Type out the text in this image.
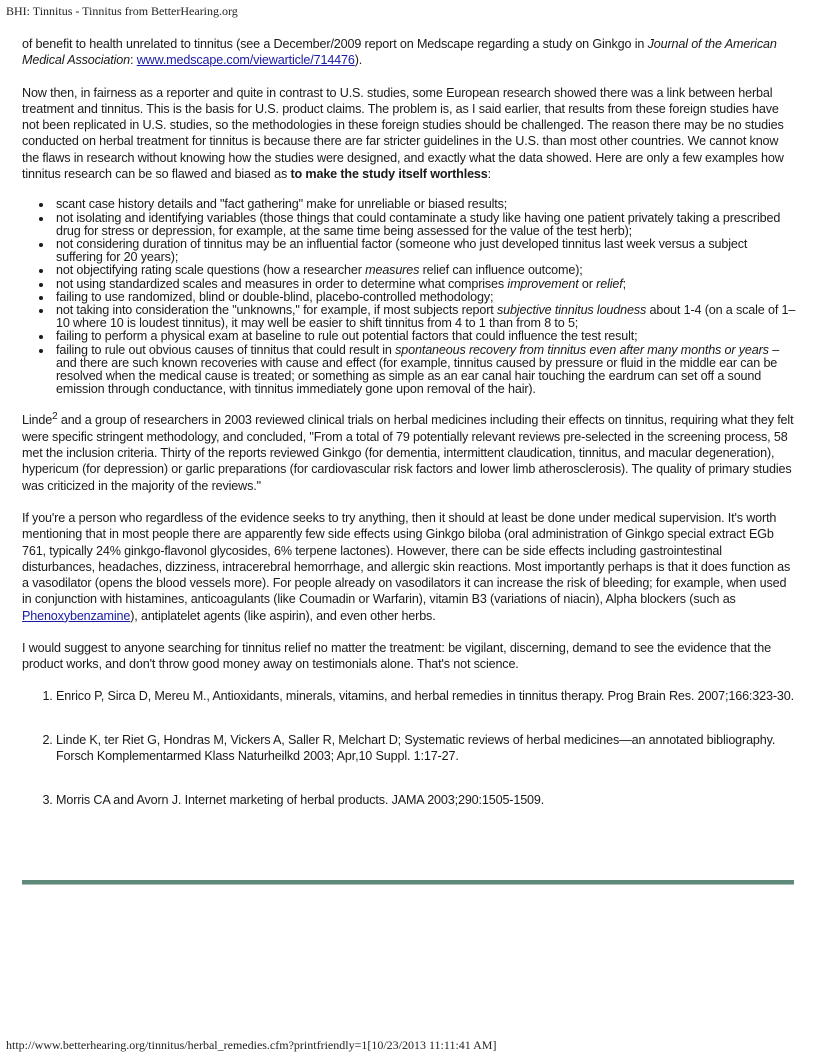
BHI: Tinnitus - Tinnitus from BetterHearing.org

of benefit to health unrelated to tinnitus (see a December/2009 report on Medscape regarding a study on Ginkgo in Journal of the American Medical Association: www.medscape.com/viewarticle/714476).

Now then, in fairness as a reporter and quite in contrast to U.S. studies, some European research showed there was a link between herbal treatment and tinnitus. This is the basis for U.S. product claims. The problem is, as I said earlier, that results from these foreign studies have not been replicated in U.S. studies, so the methodologies in these foreign studies should be challenged. The reason there may be no studies conducted on herbal treatment for tinnitus is because there are far stricter guidelines in the U.S. than most other countries. We cannot know the flaws in research without knowing how the studies were designed, and exactly what the data showed. Here are only a few examples how tinnitus research can be so flawed and biased as to make the study itself worthless:

scant case history details and "fact gathering" make for unreliable or biased results;
not isolating and identifying variables (those things that could contaminate a study like having one patient privately taking a prescribed drug for stress or depression, for example, at the same time being assessed for the value of the test herb);
not considering duration of tinnitus may be an influential factor (someone who just developed tinnitus last week versus a subject suffering for 20 years);
not objectifying rating scale questions (how a researcher measures relief can influence outcome);
not using standardized scales and measures in order to determine what comprises improvement or relief;
failing to use randomized, blind or double-blind, placebo-controlled methodology;
not taking into consideration the "unknowns," for example, if most subjects report subjective tinnitus loudness about 1-4 (on a scale of 1–10 where 10 is loudest tinnitus), it may well be easier to shift tinnitus from 4 to 1 than from 8 to 5;
failing to perform a physical exam at baseline to rule out potential factors that could influence the test result;
failing to rule out obvious causes of tinnitus that could result in spontaneous recovery from tinnitus even after many months or years – and there are such known recoveries with cause and effect (for example, tinnitus caused by pressure or fluid in the middle ear can be resolved when the medical cause is treated; or something as simple as an ear canal hair touching the eardrum can set off a sound emission through conductance, with tinnitus immediately gone upon removal of the hair).

Linde$^2$ and a group of researchers in 2003 reviewed clinical trials on herbal medicines including their effects on tinnitus, requiring what they felt were specific stringent methodology, and concluded, "From a total of 79 potentially relevant reviews pre-selected in the screening process, 58 met the inclusion criteria. Thirty of the reports reviewed Ginkgo (for dementia, intermittent claudication, tinnitus, and macular degeneration), hypericum (for depression) or garlic preparations (for cardiovascular risk factors and lower limb atherosclerosis). The quality of primary studies was criticized in the majority of the reviews."

If you're a person who regardless of the evidence seeks to try anything, then it should at least be done under medical supervision. It's worth mentioning that in most people there are apparently few side effects using Ginkgo biloba (oral administration of Ginkgo special extract EGb 761, typically 24% ginkgo-flavonol glycosides, 6% terpene lactones). However, there can be side effects including gastrointestinal disturbances, headaches, dizziness, intracerebral hemorrhage, and allergic skin reactions. Most importantly perhaps is that it does function as a vasodilator (opens the blood vessels more). For people already on vasodilators it can increase the risk of bleeding; for example, when used in conjunction with histamines, anticoagulants (like Coumadin or Warfarin), vitamin B3 (variations of niacin), Alpha blockers (such as Phenoxybenzamine), antiplatelet agents (like aspirin), and even other herbs.

I would suggest to anyone searching for tinnitus relief no matter the treatment: be vigilant, discerning, demand to see the evidence that the product works, and don't throw good money away on testimonials alone. That's not science.

1. Enrico P, Sirca D, Mereu M., Antioxidants, minerals, vitamins, and herbal remedies in tinnitus therapy. Prog Brain Res. 2007;166:323-30.
2. Linde K, ter Riet G, Hondras M, Vickers A, Saller R, Melchart D; Systematic reviews of herbal medicines—an annotated bibliography. Forsch Komplementarmed Klass Naturheilkd 2003; Apr,10 Suppl. 1:17-27.
3. Morris CA and Avorn J. Internet marketing of herbal products. JAMA 2003;290:1505-1509.
http://www.betterhearing.org/tinnitus/herbal_remedies.cfm?printfriendly=1[10/23/2013 11:11:41 AM]
